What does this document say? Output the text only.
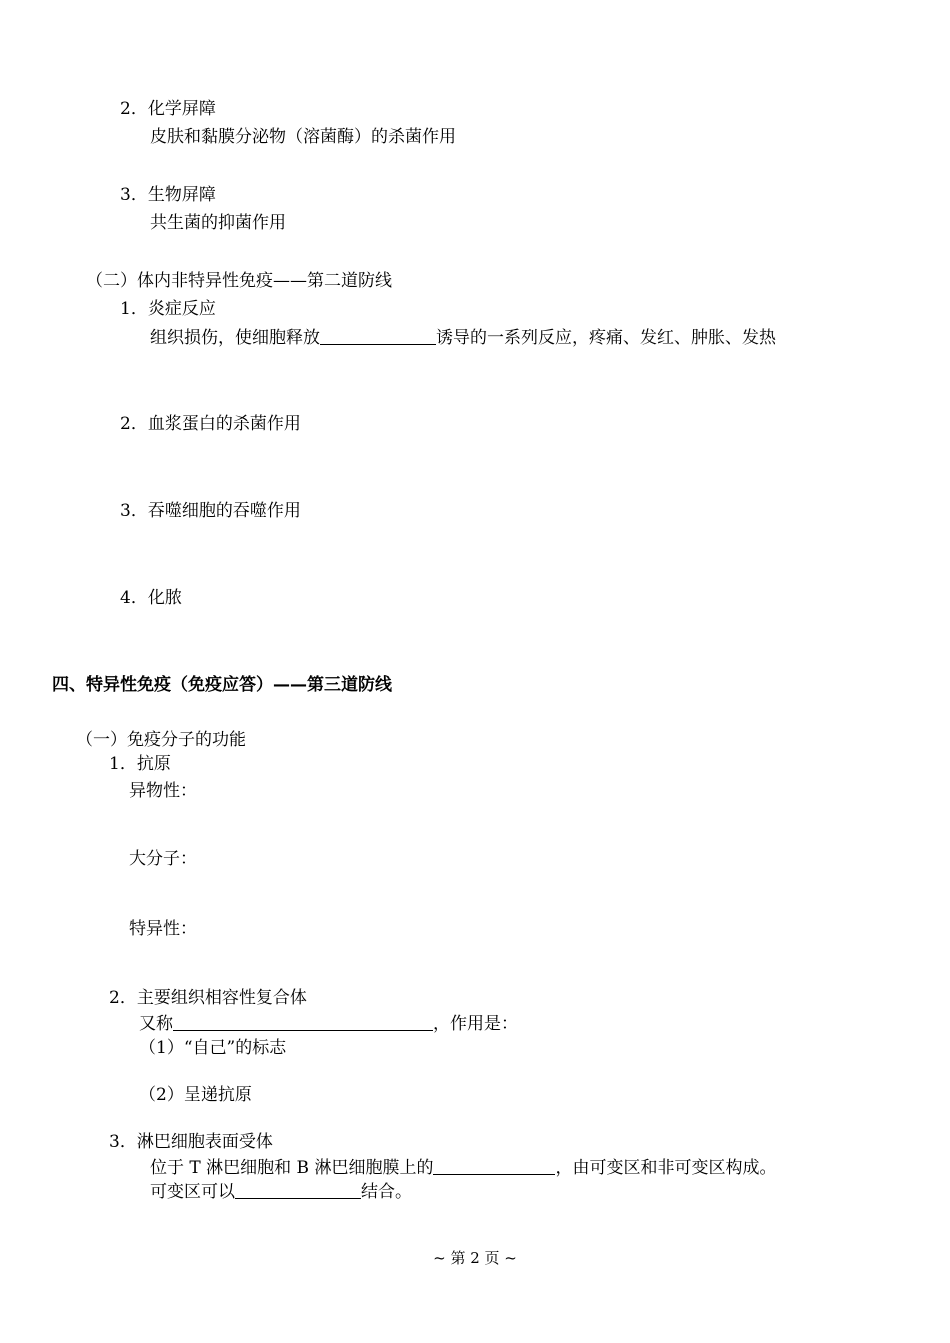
2．化学屏障
皮肤和黏膜分泌物（溶菌酶）的杀菌作用
3．生物屏障
共生菌的抑菌作用
（二）体内非特异性免疫——第二道防线
1．炎症反应
组织损伤，使细胞释放	诱导的一系列反应，疼痛、发红、肿胀、发热
2．血浆蛋白的杀菌作用
3．吞噬细胞的吞噬作用
4．化脓
四、特异性免疫（免疫应答）——第三道防线
（一）免疫分子的功能
1．抗原
异物性：
大分子：
特异性：
2．主要组织相容性复合体
又称	，作用是：
（1）“自己”的标志
（2）呈递抗原
3．淋巴细胞表面受体
位于 T 淋巴细胞和 B 淋巴细胞膜上的	，由可变区和非可变区构成。
可变区可以	结合。
~ 第 2 页 ~
